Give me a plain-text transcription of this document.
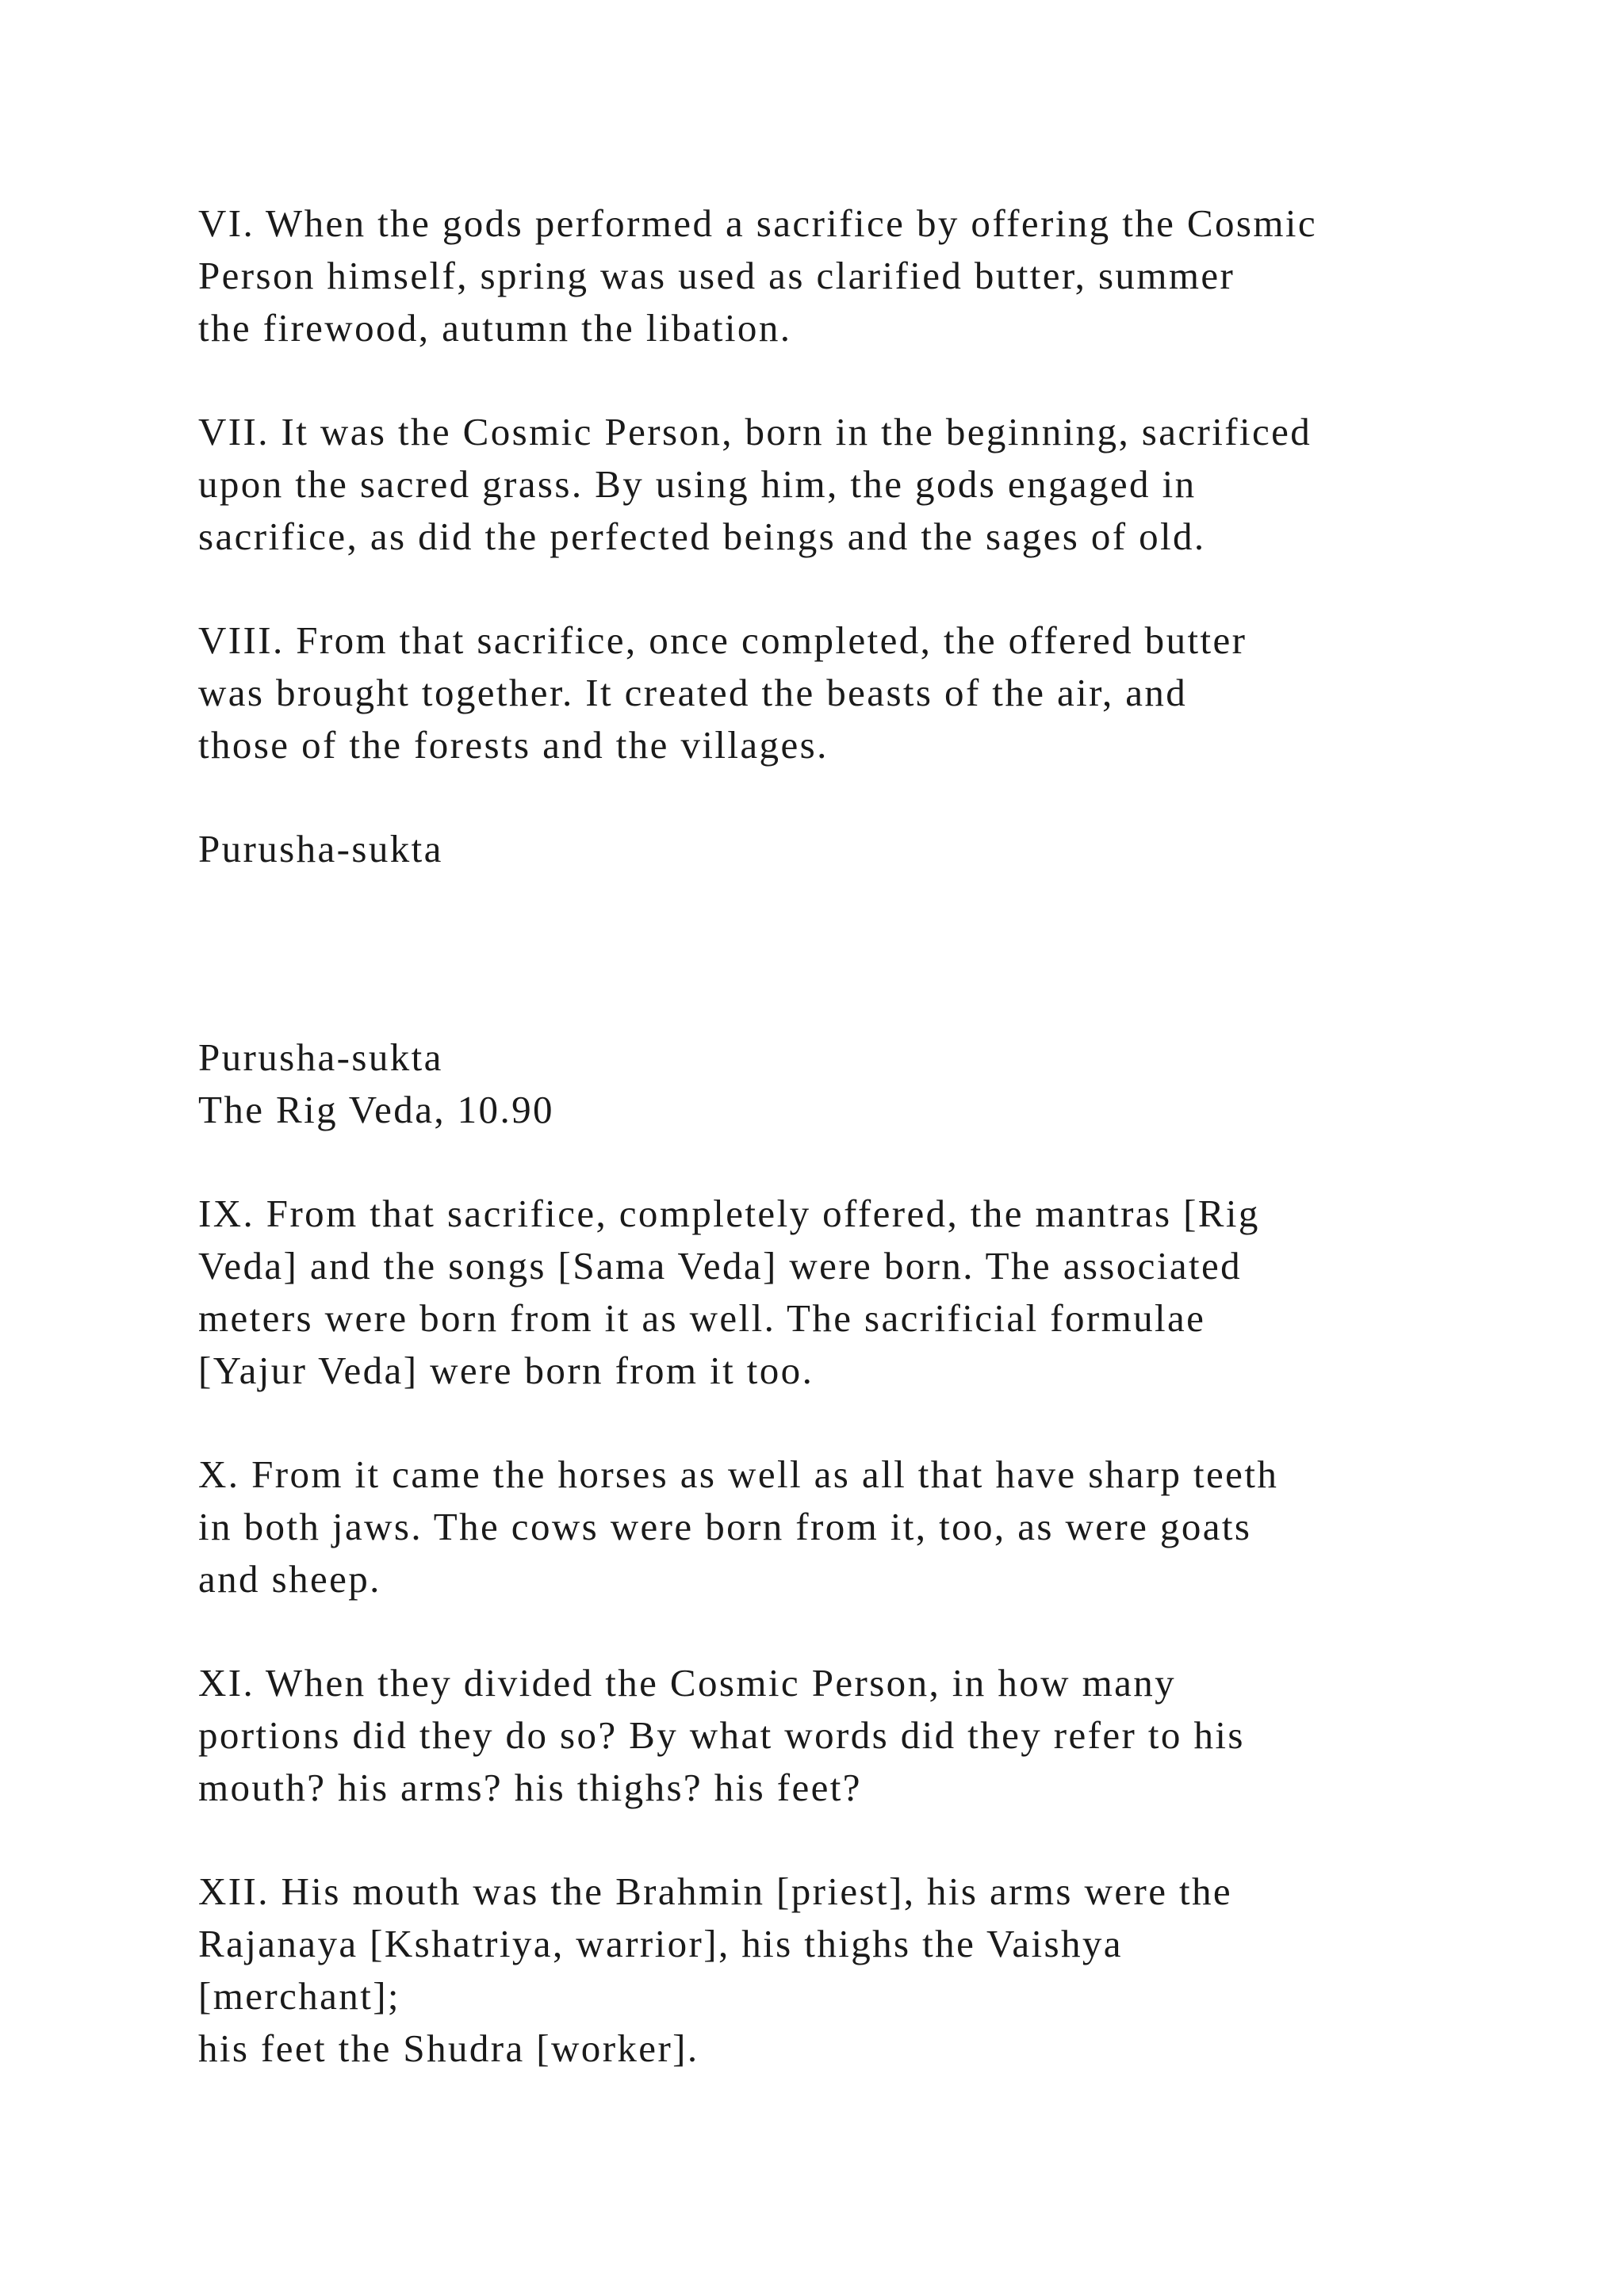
VI. When the gods performed a sacrifice by offering the Cosmic

Person himself, spring was used as clarified butter, summer

the firewood, autumn the libation.

VII. It was the Cosmic Person, born in the beginning, sacrificed

upon the sacred grass. By using him, the gods engaged in

sacrifice, as did the perfected beings and the sages of old.

VIII. From that sacrifice, once completed, the offered butter

was brought together. It created the beasts of the air, and

those of the forests and the villages.

Purusha-sukta

Purusha-sukta

The Rig Veda, 10.90

IX. From that sacrifice, completely offered, the mantras [Rig

Veda] and the songs [Sama Veda] were born. The associated

meters were born from it as well. The sacrificial formulae

[Yajur Veda] were born from it too.

X. From it came the horses as well as all that have sharp teeth

in both jaws. The cows were born from it, too, as were goats

and sheep.

XI. When they divided the Cosmic Person, in how many

portions did they do so? By what words did they refer to his

mouth? his arms? his thighs? his feet?

XII. His mouth was the Brahmin [priest], his arms were the

Rajanaya [Kshatriya, warrior], his thighs the Vaishya

[merchant];

his feet the Shudra [worker].
